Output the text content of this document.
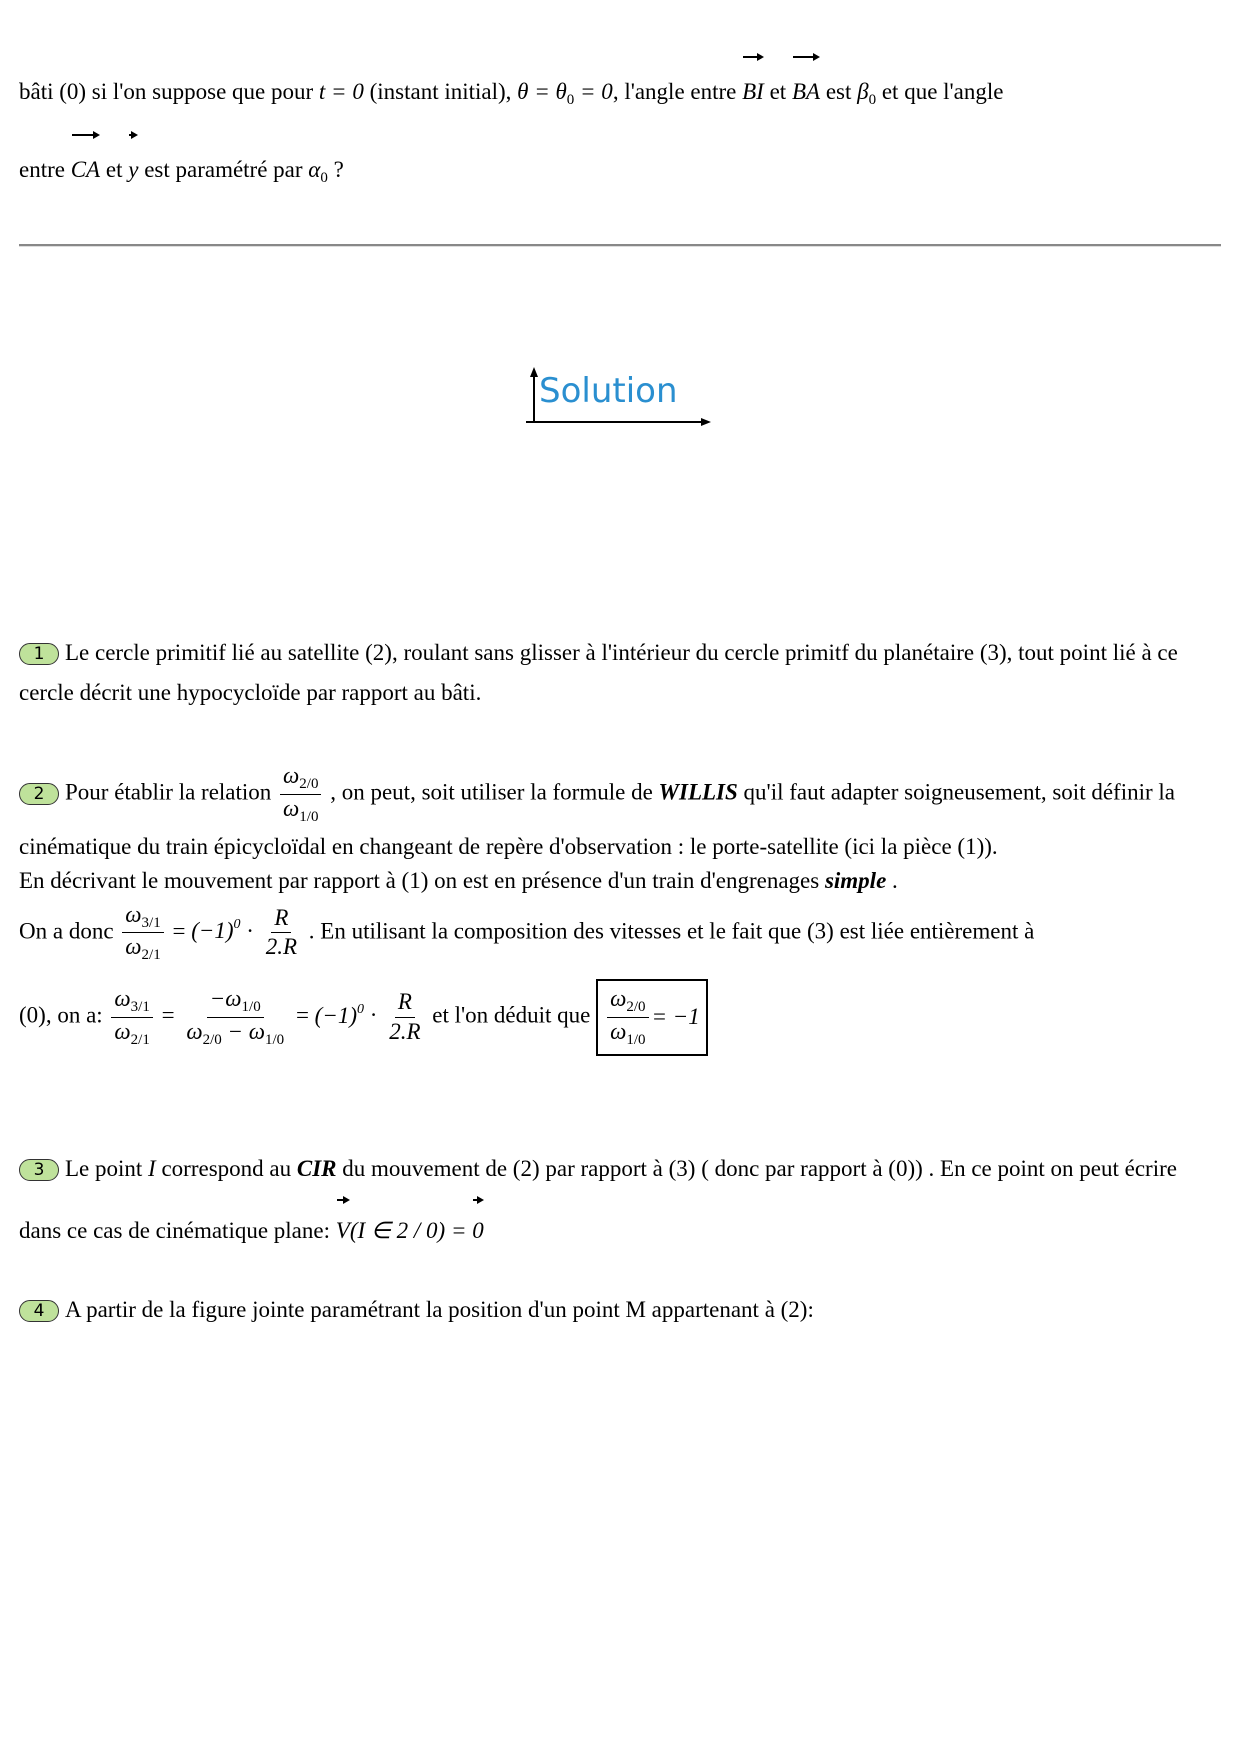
bâti (0) si l'on suppose que pour t = 0 (instant initial), $\theta = \theta_0 = 0$, l'angle entre BI et BA est $\beta_0$ et que l'angle
entre CA et y est paramétré par $\alpha_0$ ?
Solution
1 Le cercle primitif lié au satellite (2), roulant sans glisser à l'intérieur du cercle primitf du planétaire (3), tout point lié à ce cercle décrit une hypocycloïde par rapport au bâti.
2 Pour établir la relation $\frac{\omega_{2/0}}{\omega_{1/0}}$ , on peut, soit utiliser la formule de WILLIS qu'il faut adapter soigneusement, soit définir la cinématique du train épicycloïdal en changeant de repère d'observation : le porte-satellite (ici la pièce (1)).
En décrivant le mouvement par rapport à (1) on est en présence d'un train d'engrenages simple .
On a donc $\frac{\omega_{3/1}}{\omega_{2/1}} = (-1)^0 \cdot \frac{R}{2.R}$ . En utilisant la composition des vitesses et le fait que (3) est liée entièrement à
(0), on a: $\frac{\omega_{3/1}}{\omega_{2/1}} = \frac{-\omega_{1/0}}{\omega_{2/0} - \omega_{1/0}} = (-1)^0 \cdot \frac{R}{2.R}$ et l'on déduit que $\frac{\omega_{2/0}}{\omega_{1/0}} = -1$
3 Le point I correspond au CIR du mouvement de (2) par rapport à (3) ( donc par rapport à (0)) . En ce point on peut écrire dans ce cas de cinématique plane: V(I ∈ 2 / 0) = 0
4 A partir de la figure jointe paramétrant la position d'un point M appartenant à (2):
